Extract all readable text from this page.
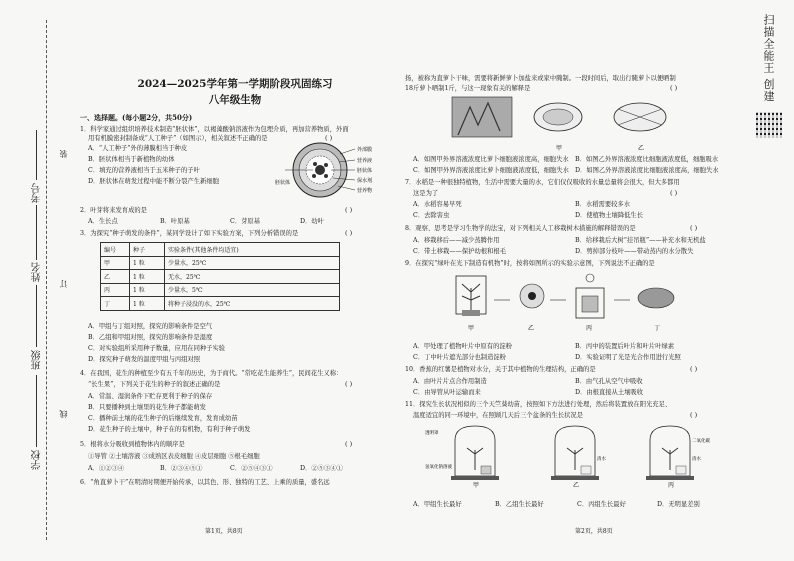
考号
姓名
班级
学校
装
订
线
扫描全能王 创建
2024—2025学年第一学期阶段巩固练习
八年级生物
一、选择题。(每小题2分，共50分)
1．科学家通过组织培养技术制造“胚状体”，以褐藻酸钠溶液作为包埋介质，再加营养物质，外面
用有机膜密封制备成“人工种子”（如图示），相关叙述不正确的是	( )
A．“人工种子”外的薄膜相当于种皮
B．胚状体相当于新植物的幼体
C．填充的营养液相当于玉米种子的子叶
D．胚状体在萌发过程中能不断分裂产生新细胞
外部膜
营养液
胚状体
保水剂
营养物
胚状体
2．叶芽将来发育成的是	( )
A．生长点	B．叶原基	C．芽原基	D．幼叶
3．为探究“种子萌发的条件”，某同学设计了如下实验方案，下列分析错误的是	( )
编号	种子	实验条件(其他条件均适宜)
甲	1 粒	少量水，25℃
乙	1 粒	无水，25℃
丙	1 粒	少量水，5℃
丁	1 粒	将种子浸没的水，25℃
A．甲组与丁组对照，探究的影响条件是空气
B．乙组和甲组对照，探究的影响条件是湿度
C．对实验组所采用种子数量，应用在同种子实验
D．探究种子萌发的温度甲组与丙组对照
4．在我国，花生的种植至少有五千年的历史，为于商代。“常吃花生能养生”，民间花生又称：
“长生果”，下列关于花生的种子的叙述正确的是	( )
A．常温、湿润条件下贮存更利于种子的保存
B．只要播种到土壤里的花生种子都能萌发
C．播种前土壤的花生种子的后继续发育，发育成幼苗
D．花生种子的土壤中，种子在的有机物，有利于种子萌发
5．根将水分吸收到植物体内的顺序是	( )
①导管 ②土壤溶液 ③成熟区表皮细胞 ④皮层细胞 ⑤根毛细胞
A．①②③④	B．②③④⑤①	C．②⑤④③①	D．②⑤③④①
6．“角直萝卜干”在明清时期便开始传承，以其色、形、独特的工艺、上乘的质量，盛名远
第1页，共8页
扬，被称为直萝卜干味，需要将新鲜萝卜加盐来或家中腌制。一段时间后，取出行腌萝卜以便晒制
18斤萝卜晒制1斤，与这一现象有关的解释是	( )
甲	乙
A．如图甲外界溶液浓度比萝卜细胞液浓度高，细胞失水 B．如图乙外界溶液浓度比细胞液浓度低，细胞吸水
C．如图甲外界溶液浓度比萝卜细胞液浓度低，细胞失水 D．如图乙外界溶液浓度比细胞液浓度高，细胞失水
7．水稻是一种很独特植物，生活中需要大量的水，它们仅仅吸收的水量总量将会很大，但大多都用
这是为了	( )
A．水稻容易早死	B．水稻需要较多水
C．去除害虫	D．使植物土壤降低生长
8．观察、思考是学习生物学的法宝，对下列相关人工移栽树木措施的解释错误的是	( )
A．移栽移后——减少蒸腾作用	B．给移栽后大树“挂吊瓶”——补充水和无机盐
C．带土移栽——保护幼根和根毛	D．剪掉部分枝叶——带动蒸内的水分散失
9．在探究“绿叶在光下制造有机物”时，按将如图所示的实验示意图，下列说法不正确的是
甲	乙	丙	丁
A．甲处理了植物叶片中原有的淀粉	B．丙中的装置后叶片和叶片叶绿素
C．丁中叶片遮光部分也制造淀粉	D．实验证明了光是光合作用进行光照
10．香蕉的红薯是植物对水分，关于其中植物的生理结构，正确的是	( )
A．由叶片片点合作用制造	B．由气孔从空气中吸收
C．由导管从叶运输而来	D．由根直接从土壤吸收
11．探究生长状况相似的三个天竺葵幼苗，按照如下方法进行处理，然后将装置放在阳光充足、
温度适宜的同一环境中，在照顾几天后三个盆条的生长状况是	( )
透明罩
氢氧化钠溶液
甲
清水
乙
二氧化碳
清水
丙
A．甲组生长最好	B．乙组生长最好	C．丙组生长最好	D．无明显差别
第2页，共8页
